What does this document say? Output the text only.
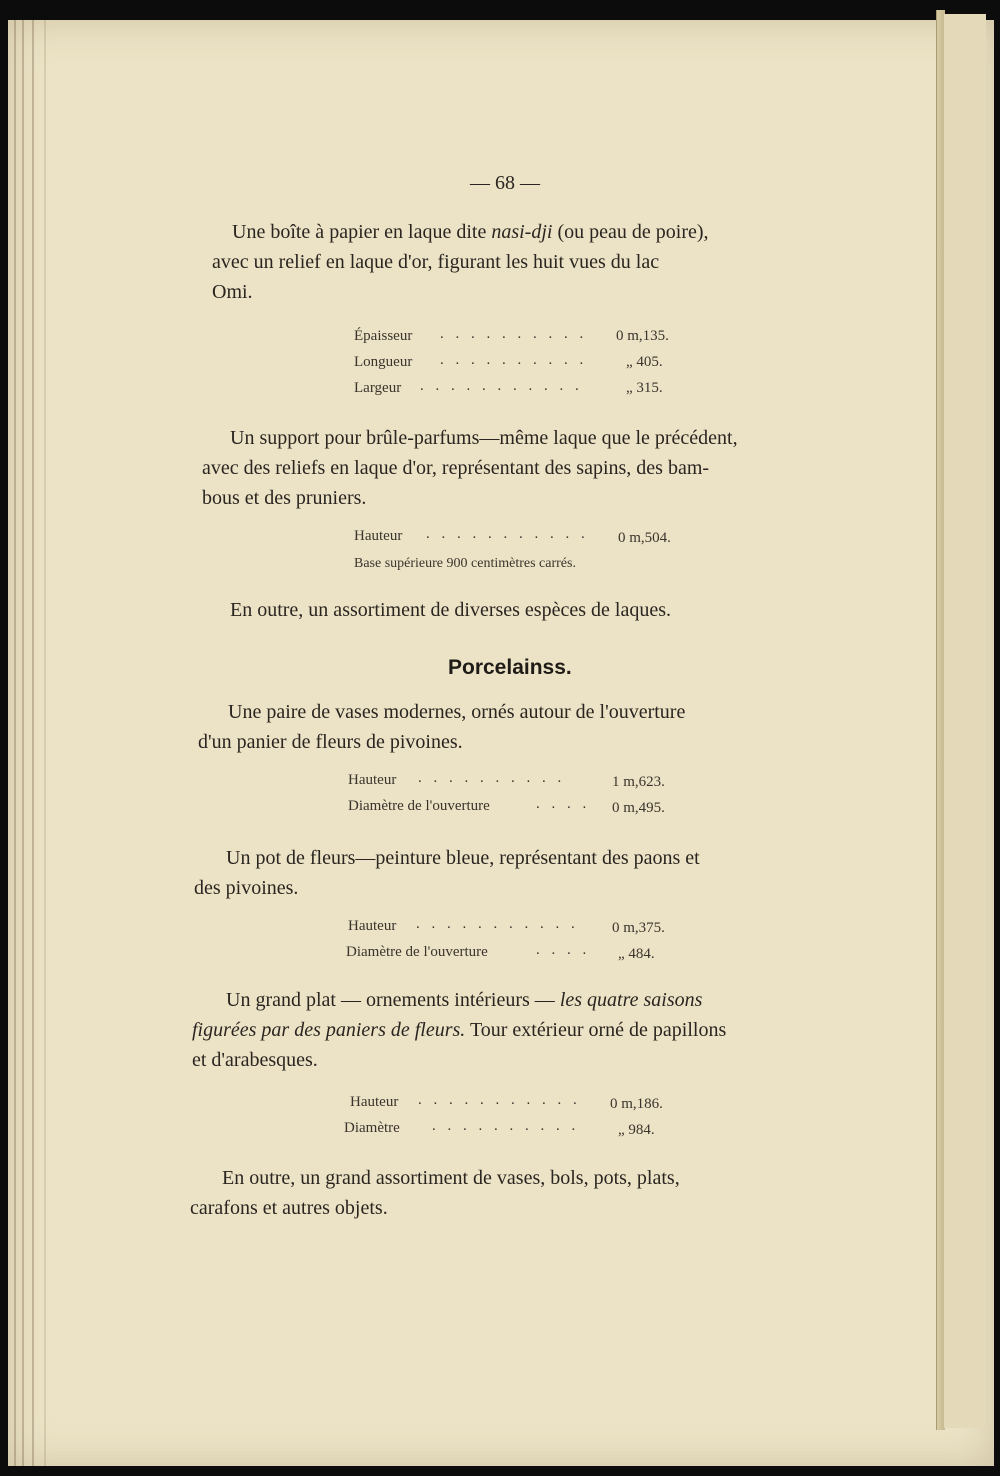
— 68 —
Une boîte à papier en laque dite nasi-dji (ou peau de poire),
avec un relief en laque d'or, figurant les huit vues du lac
Omi.
Épaisseur . . . . . . . . . . 0 m,135.
Longueur . . . . . . . . . .	„ 405.
Largeur . . . . . . . . . . .	„ 315.
Un support pour brûle-parfums—même laque que le précédent,
avec des reliefs en laque d'or, représentant des sapins, des bam-
bous et des pruniers.
Hauteur . . . . . . . . . . . 0 m,504.
Base supérieure 900 centimètres carrés.
En outre, un assortiment de diverses espèces de laques.
Porcelainss.
Une paire de vases modernes, ornés autour de l'ouverture
d'un panier de fleurs de pivoines.
Hauteur . . . . . . . . . .	1 m,623.
Diamètre de l'ouverture	. . . . 0 m,495.
Un pot de fleurs—peinture bleue, représentant des paons et
des pivoines.
Hauteur . . . . . . . . . . . 0 m,375.
Diamètre de l'ouverture	. . . . „ 484.
Un grand plat — ornements intérieurs — les quatre saisons
figurées par des paniers de fleurs. Tour extérieur orné de papillons
et d'arabesques.
Hauteur . . . . . . . . . . . 0 m,186.
Diamètre . . . . . . . . . .	„ 984.
En outre, un grand assortiment de vases, bols, pots, plats,
carafons et autres objets.
